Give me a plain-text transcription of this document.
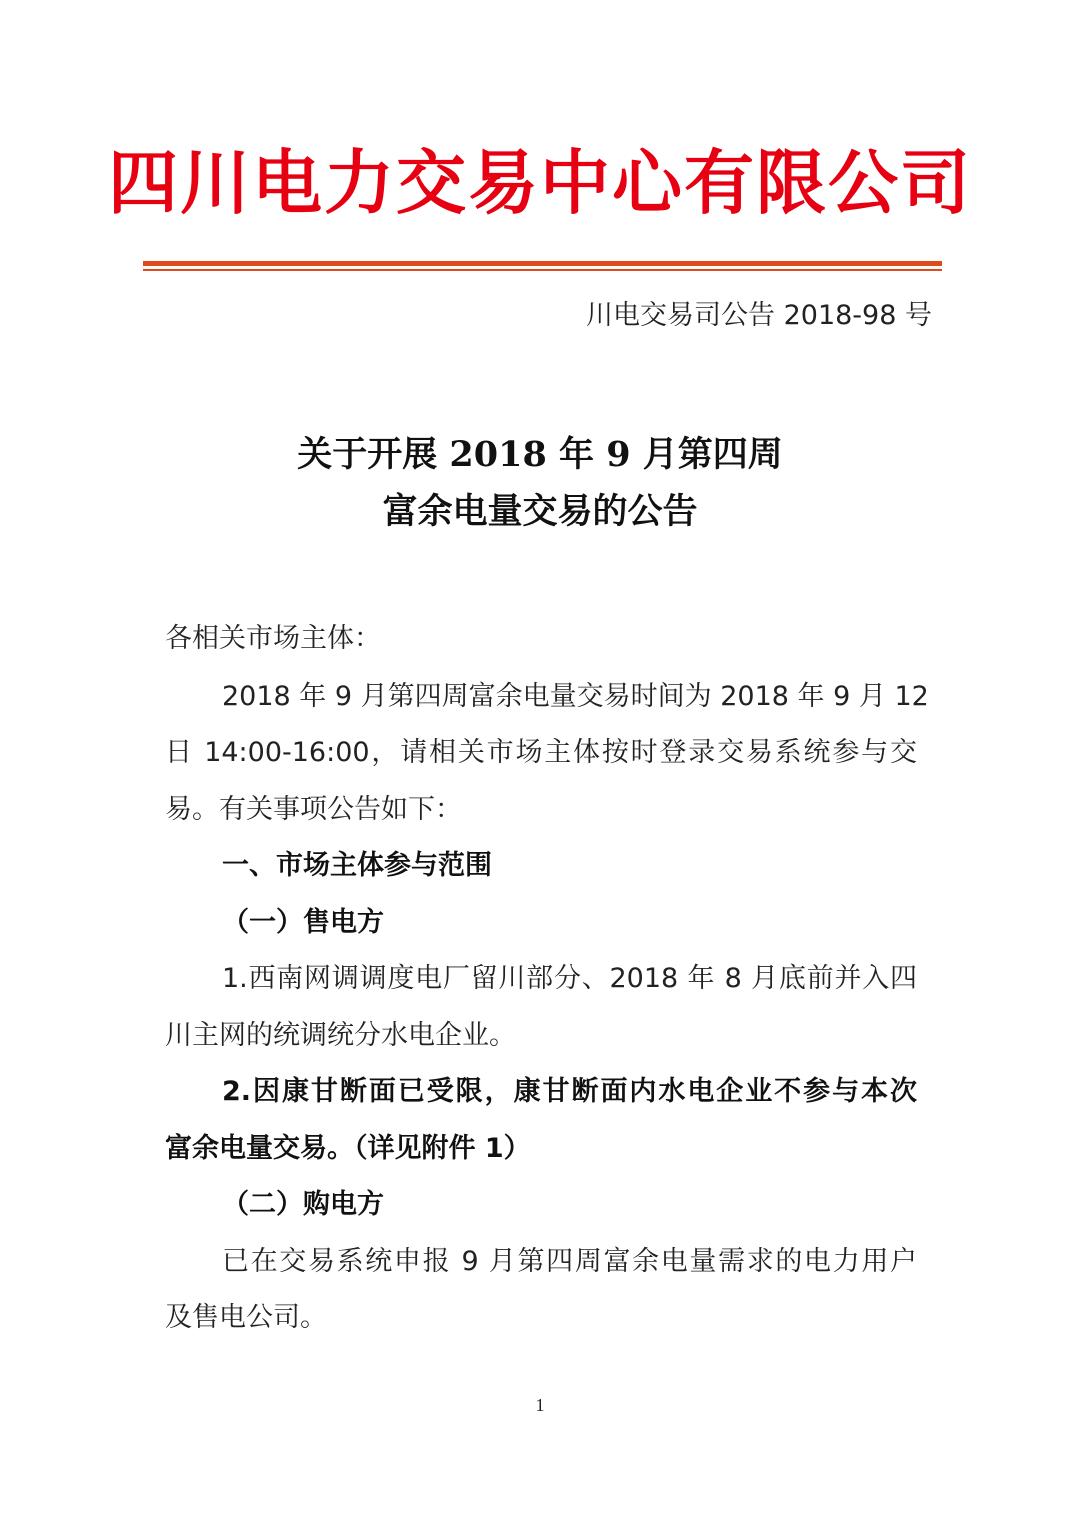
四川电力交易中心有限公司
川电交易司公告 2018-98 号
关于开展 2018 年 9 月第四周
富余电量交易的公告
各相关市场主体：
2018 年 9 月第四周富余电量交易时间为 2018 年 9 月 12
日 14:00-16:00，请相关市场主体按时登录交易系统参与交
易。有关事项公告如下：
一、市场主体参与范围
（一）售电方
1.西南网调调度电厂留川部分、2018 年 8 月底前并入四
川主网的统调统分水电企业。
2.因康甘断面已受限，康甘断面内水电企业不参与本次
富余电量交易。（详见附件 1）
（二）购电方
已在交易系统申报 9 月第四周富余电量需求的电力用户
及售电公司。
1
